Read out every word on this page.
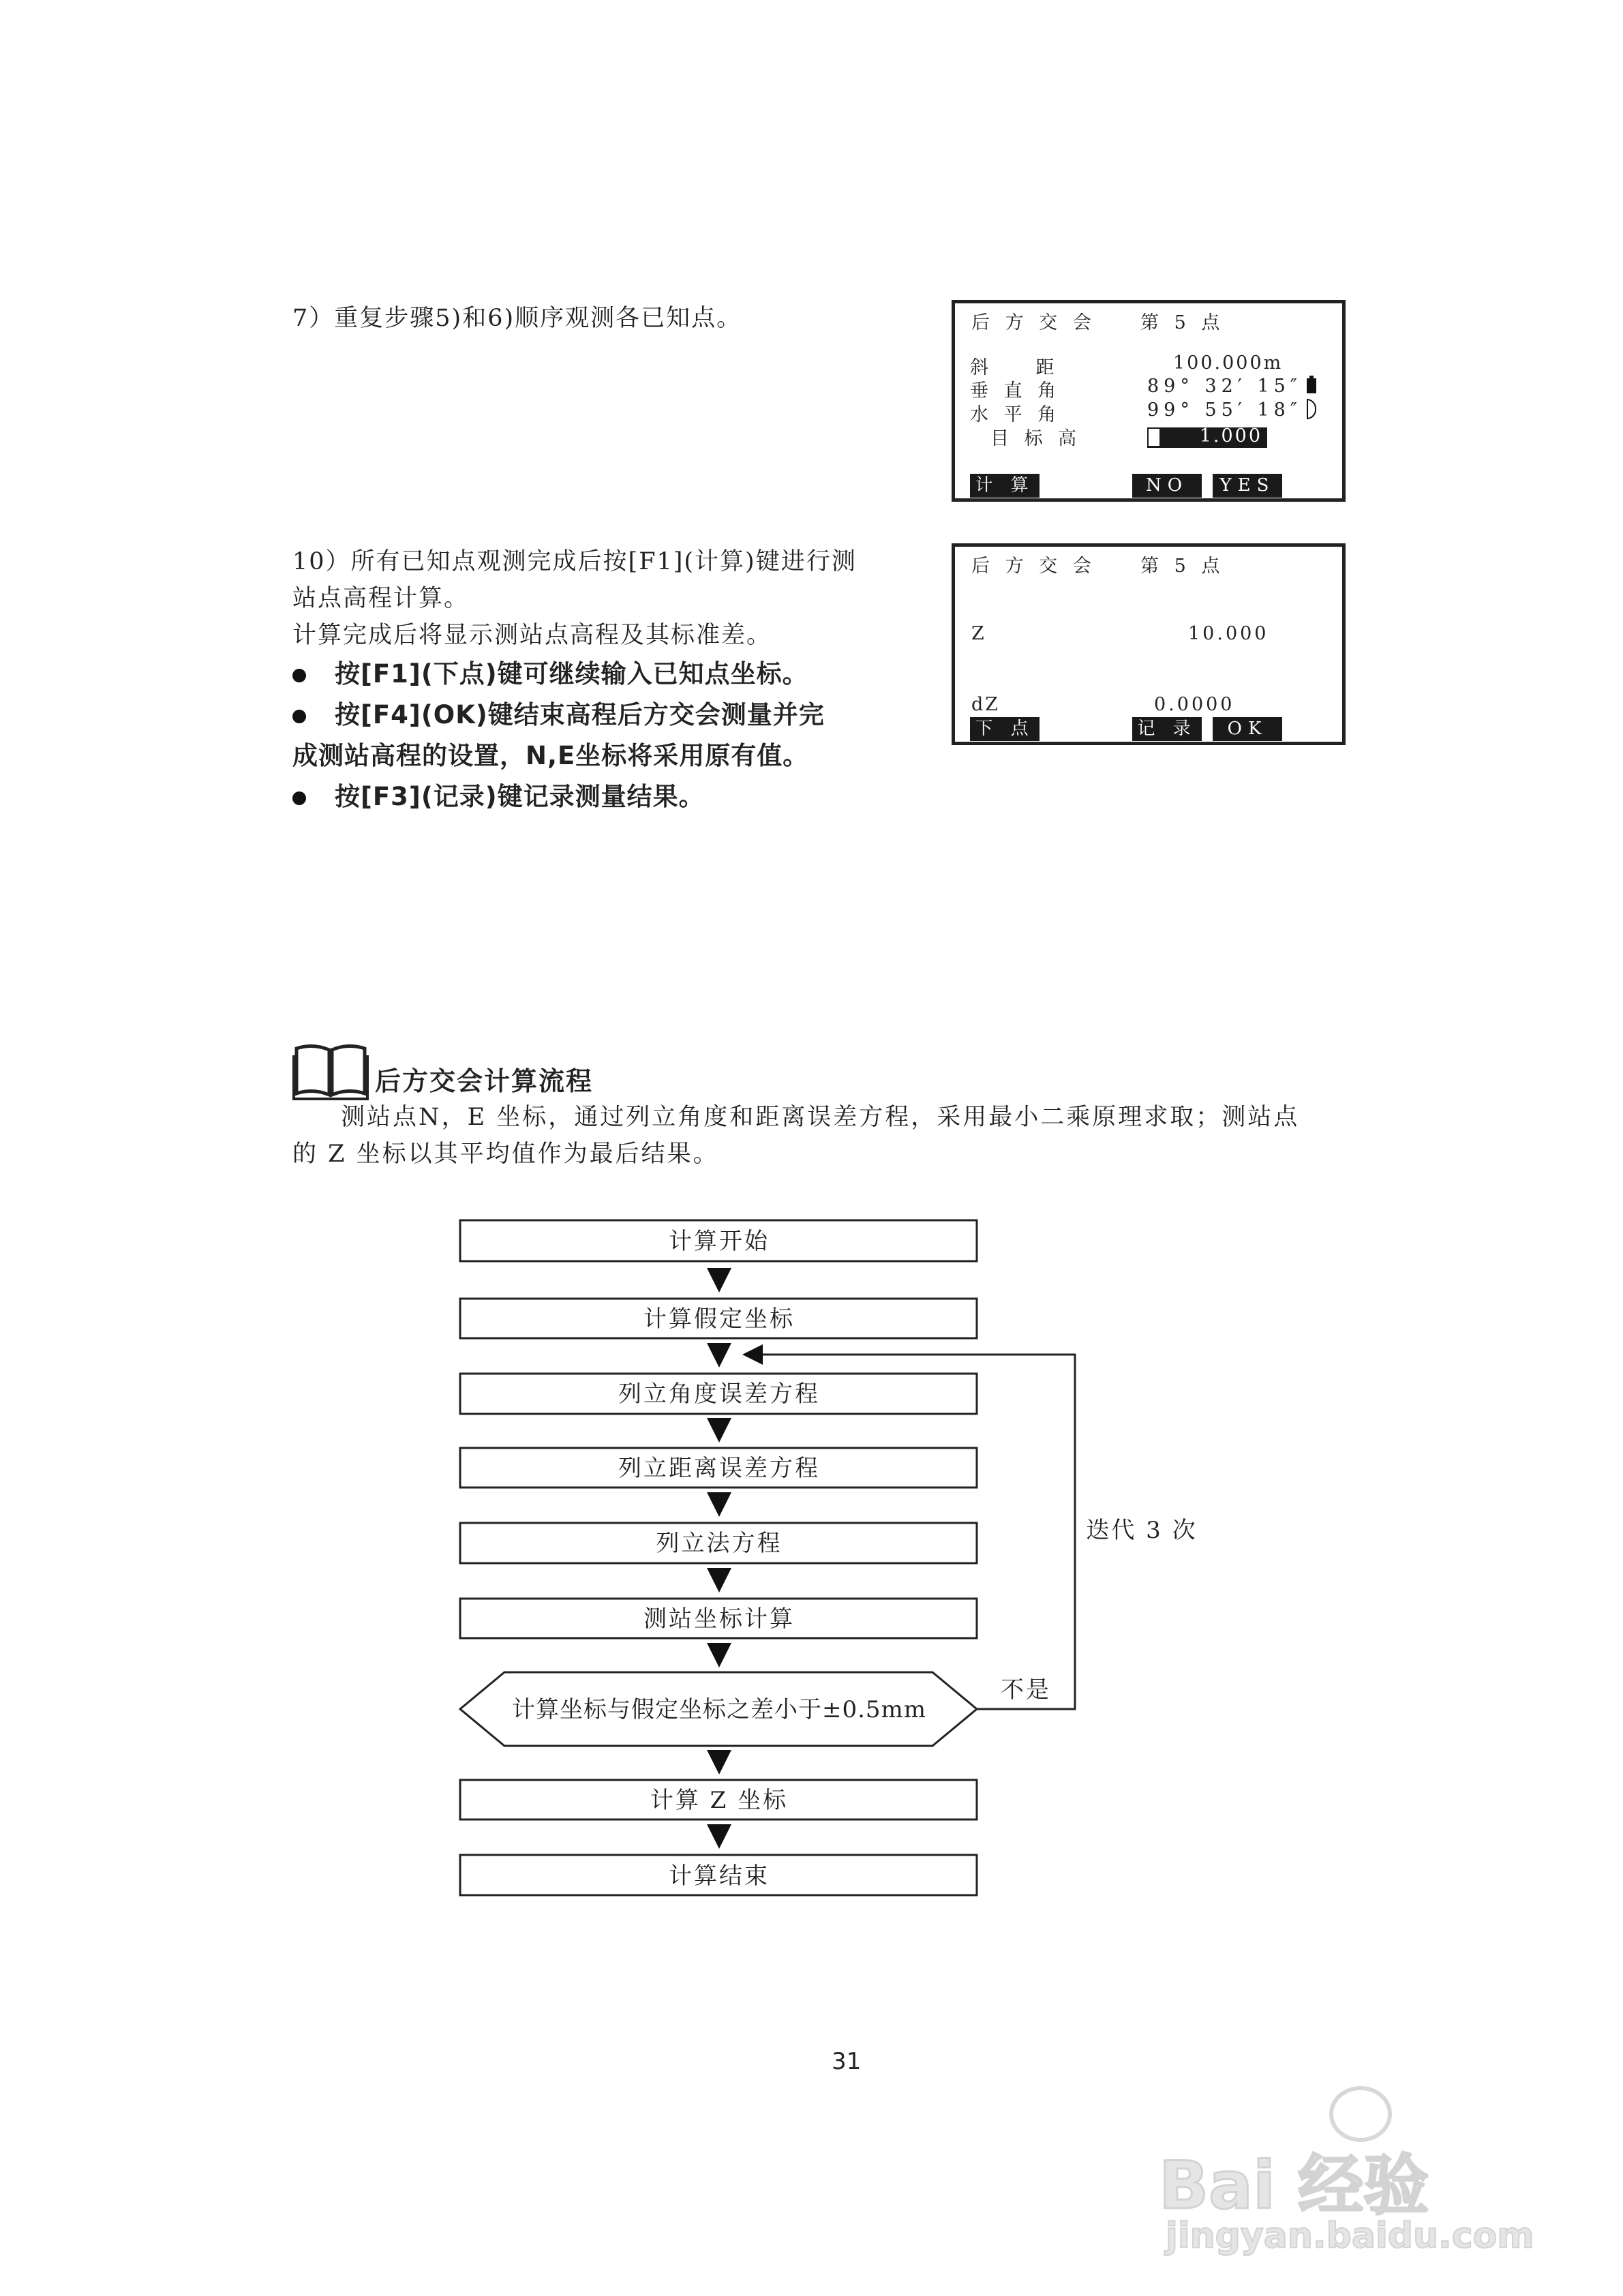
7）重复步骤5)和6)顺序观测各已知点。	后 方 交 会 第 5 点
斜    距	100.000m
垂 直 角	89° 32′ 15″
水 平 角	99° 55′ 18″
目 标 高	1.000
计 算	NO	YES
10）所有已知点观测完成后按[F1](计算)键进行测
站点高程计算。
计算完成后将显示测站点高程及其标准差。
按[F1](下点)键可继续输入已知点坐标。
按[F4](OK)键结束高程后方交会测量并完
成测站高程的设置，N,E坐标将采用原有值。
按[F3](记录)键记录测量结果。
后 方 交 会 第 5 点
Z	10.000
dZ	0.0000
下 点	记 录	OK
后方交会计算流程
测站点N，E 坐标，通过列立角度和距离误差方程，采用最小二乘原理求取；测站点
的 Z 坐标以其平均值作为最后结果。
计算开始
计算假定坐标
列立角度误差方程
列立距离误差方程
列立法方程
测站坐标计算
计算坐标与假定坐标之差小于±0.5mm
计算 Z 坐标
计算结束
不是
迭代 3 次
31
Bai 经验
jingyan.baidu.com
